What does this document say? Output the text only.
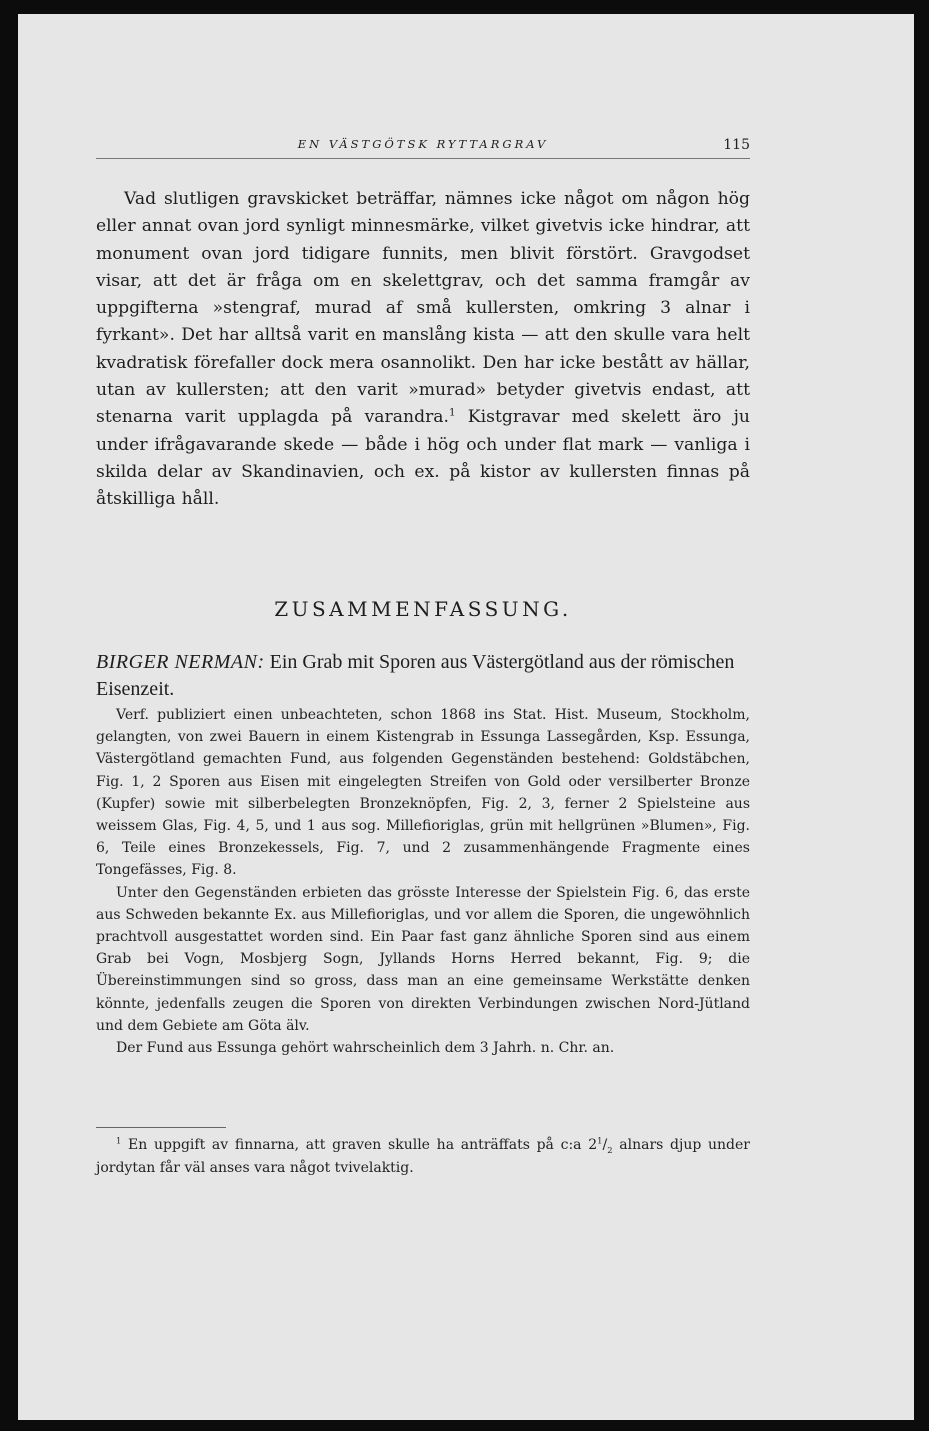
EN VÄSTGÖTSK RYTTARGRAV	115

Vad slutligen gravskicket beträffar, nämnes icke något om någon hög eller annat ovan jord synligt minnesmärke, vilket givetvis icke hindrar, att monument ovan jord tidigare funnits, men blivit förstört. Gravgodset visar, att det är fråga om en skelettgrav, och det samma framgår av uppgifterna »stengraf, murad af små kullersten, omkring 3 alnar i fyrkant». Det har alltså varit en manslång kista — att den skulle vara helt kvadratisk förefaller dock mera osannolikt. Den har icke bestått av hällar, utan av kullersten; att den varit »murad» betyder givetvis endast, att stenarna varit upplagda på varandra.$^1$ Kistgravar med skelett äro ju under ifrågavarande skede — både i hög och under flat mark — vanliga i skilda delar av Skandinavien, och ex. på kistor av kullersten finnas på åtskilliga håll.

ZUSAMMENFASSUNG.

BIRGER NERMAN: Ein Grab mit Sporen aus Västergötland aus der römischen Eisenzeit.

Verf. publiziert einen unbeachteten, schon 1868 ins Stat. Hist. Museum, Stockholm, gelangten, von zwei Bauern in einem Kistengrab in Essunga Lassegården, Ksp. Essunga, Västergötland gemachten Fund, aus folgenden Gegenständen bestehend: Goldstäbchen, Fig. 1, 2 Sporen aus Eisen mit eingelegten Streifen von Gold oder versilberter Bronze (Kupfer) sowie mit silberbelegten Bronzeknöpfen, Fig. 2, 3, ferner 2 Spielsteine aus weissem Glas, Fig. 4, 5, und 1 aus sog. Millefioriglas, grün mit hellgrünen »Blumen», Fig. 6, Teile eines Bronzekessels, Fig. 7, und 2 zusammenhängende Fragmente eines Tongefässes, Fig. 8.

Unter den Gegenständen erbieten das grösste Interesse der Spielstein Fig. 6, das erste aus Schweden bekannte Ex. aus Millefioriglas, und vor allem die Sporen, die ungewöhnlich prachtvoll ausgestattet worden sind. Ein Paar fast ganz ähnliche Sporen sind aus einem Grab bei Vogn, Mosbjerg Sogn, Jyllands Horns Herred bekannt, Fig. 9; die Übereinstimmungen sind so gross, dass man an eine gemeinsame Werkstätte denken könnte, jedenfalls zeugen die Sporen von direkten Verbindungen zwischen Nord-Jütland und dem Gebiete am Göta älv.

Der Fund aus Essunga gehört wahrscheinlich dem 3 Jahrh. n. Chr. an.

$^1$ En uppgift av finnarna, att graven skulle ha anträffats på c:a $2^1/_2$ alnars djup under jordytan får väl anses vara något tvivelaktig.
